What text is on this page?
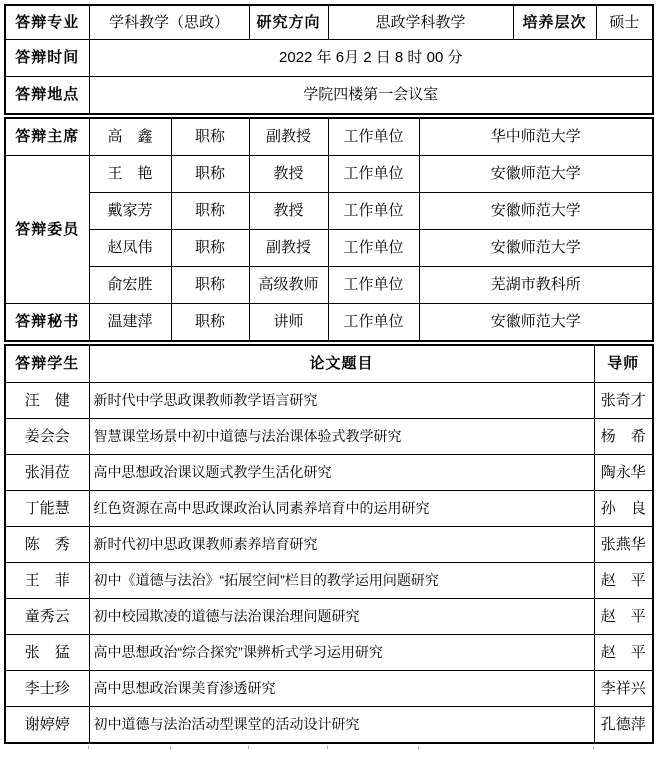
答辩专业	学科教学（思政）	研究方向	思政学科教学	培养层次	硕士
答辩时间	2022 年 6月 2 日 8 时 00 分				
答辩地点	学院四楼第一会议室				
答辩主席	高　鑫	职称	副教授	工作单位	华中师范大学
答辩委员	王　艳	职称	教授	工作单位	安徽师范大学
	戴家芳	职称	教授	工作单位	安徽师范大学
	赵凤伟	职称	副教授	工作单位	安徽师范大学
	俞宏胜	职称	高级教师	工作单位	芜湖市教科所
答辩秘书	温建萍	职称	讲师	工作单位	安徽师范大学
答辩学生	论文题目	导师
汪　健	新时代中学思政课教师教学语言研究	张奇才
姜会会	智慧课堂场景中初中道德与法治课体验式教学研究	杨　希
张涓莅	高中思想政治课议题式教学生活化研究	陶永华
丁能慧	红色资源在高中思政课政治认同素养培育中的运用研究	孙　良
陈　秀	新时代初中思政课教师素养培育研究	张燕华
王　菲	初中《道德与法治》“拓展空间”栏目的教学运用问题研究	赵　平
童秀云	初中校园欺凌的道德与法治课治理问题研究	赵　平
张　猛	高中思想政治“综合探究”课辨析式学习运用研究	赵　平
李士珍	高中思想政治课美育渗透研究	李祥兴
谢婷婷	初中道德与法治活动型课堂的活动设计研究	孔德萍
